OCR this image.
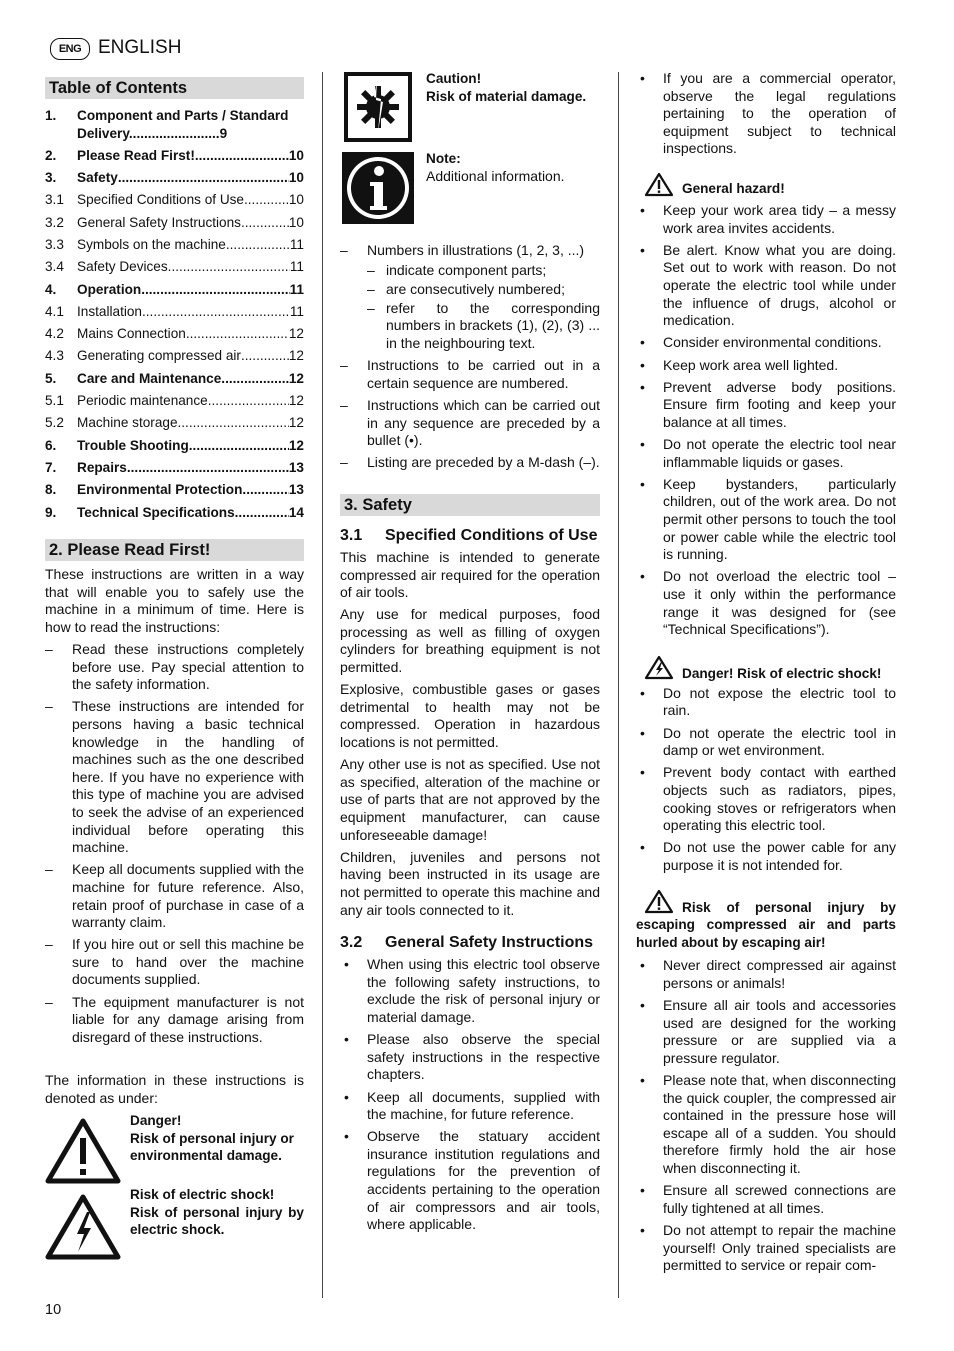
ENG ENGLISH
Table of Contents
1.	Component and Parts / Standard Delivery........................9
2.	Please Read First! .....	10
3.	Safety .....	10
3.1 Specified Conditions of Use .....	10
3.2 General Safety Instructions .....	10
3.3 Symbols on the machine .....	11
3.4 Safety Devices .....	11
4.	Operation .....	11
4.1 Installation .....	11
4.2 Mains Connection .....	12
4.3 Generating compressed air .....	12
5.	Care and Maintenance .....	12
5.1 Periodic maintenance .....	12
5.2 Machine storage .....	12
6.	Trouble Shooting .....	12
7.	Repairs .....	13
8.	Environmental Protection .....	13
9.	Technical Specifications .....	14
2. Please Read First!

These instructions are written in a way that will enable you to safely use the machine in a minimum of time. Here is how to read the instructions:

– Read these instructions completely before use. Pay special attention to the safety information.
– These instructions are intended for persons having a basic technical knowledge in the handling of machines such as the one described here. If you have no experience with this type of machine you are advised to seek the advise of an experienced individual before operating this machine.
– Keep all documents supplied with the machine for future reference. Also, retain proof of purchase in case of a warranty claim.
– If you hire out or sell this machine be sure to hand over the machine documents supplied.
– The equipment manufacturer is not liable for any damage arising from disregard of these instructions.

The information in these instructions is denoted as under:

Danger!
Risk of personal injury or environmental damage.
Risk of electric shock!
Risk of personal injury by electric shock.
Caution!
Risk of material damage.
Note:
Additional information.
– Numbers in illustrations (1, 2, 3, ...)
– indicate component parts;
– are consecutively numbered;
– refer to the corresponding numbers in brackets (1), (2), (3) ... in the neighbouring text.
– Instructions to be carried out in a certain sequence are numbered.
– Instructions which can be carried out in any sequence are preceded by a bullet (•).
– Listing are preceded by a M-dash (–).
3. Safety
3.1	Specified Conditions of Use

This machine is intended to generate compressed air required for the operation of air tools.

Any use for medical purposes, food processing as well as filling of oxygen cylinders for breathing equipment is not permitted.

Explosive, combustible gases or gases detrimental to health may not be compressed. Operation in hazardous locations is not permitted.

Any other use is not as specified. Use not as specified, alteration of the machine or use of parts that are not approved by the equipment manufacturer, can cause unforeseeable damage!

Children, juveniles and persons not having been instructed in its usage are not permitted to operate this machine and any air tools connected to it.

3.2	General Safety Instructions
• When using this electric tool observe the following safety instructions, to exclude the risk of personal injury or material damage.
• Please also observe the special safety instructions in the respective chapters.
• Keep all documents, supplied with the machine, for future reference.
• Observe the statuary accident insurance institution regulations and regulations for the prevention of accidents pertaining to the operation of air compressors and air tools, where applicable.
• If you are a commercial operator, observe the legal regulations pertaining to the operation of equipment subject to technical inspections.
General hazard!
• Keep your work area tidy – a messy work area invites accidents.
• Be alert. Know what you are doing. Set out to work with reason. Do not operate the electric tool while under the influence of drugs, alcohol or medication.
• Consider environmental conditions.
• Keep work area well lighted.
• Prevent adverse body positions. Ensure firm footing and keep your balance at all times.
• Do not operate the electric tool near inflammable liquids or gases.
• Keep bystanders, particularly children, out of the work area. Do not permit other persons to touch the tool or power cable while the electric tool is running.
• Do not overload the electric tool – use it only within the performance range it was designed for (see “Technical Specifications”).
Danger! Risk of electric shock!
• Do not expose the electric tool to rain.
• Do not operate the electric tool in damp or wet environment.
• Prevent body contact with earthed objects such as radiators, pipes, cooking stoves or refrigerators when operating this electric tool.
• Do not use the power cable for any purpose it is not intended for.
Risk of personal injury by escaping compressed air and parts hurled about by escaping air!
• Never direct compressed air against persons or animals!
• Ensure all air tools and accessories used are designed for the working pressure or are supplied via a pressure regulator.
• Please note that, when disconnecting the quick coupler, the compressed air contained in the pressure hose will escape all of a sudden. You should therefore firmly hold the air hose when disconnecting it.
• Ensure all screwed connections are fully tightened at all times.
• Do not attempt to repair the machine yourself! Only trained specialists are permitted to service or repair com-
10
